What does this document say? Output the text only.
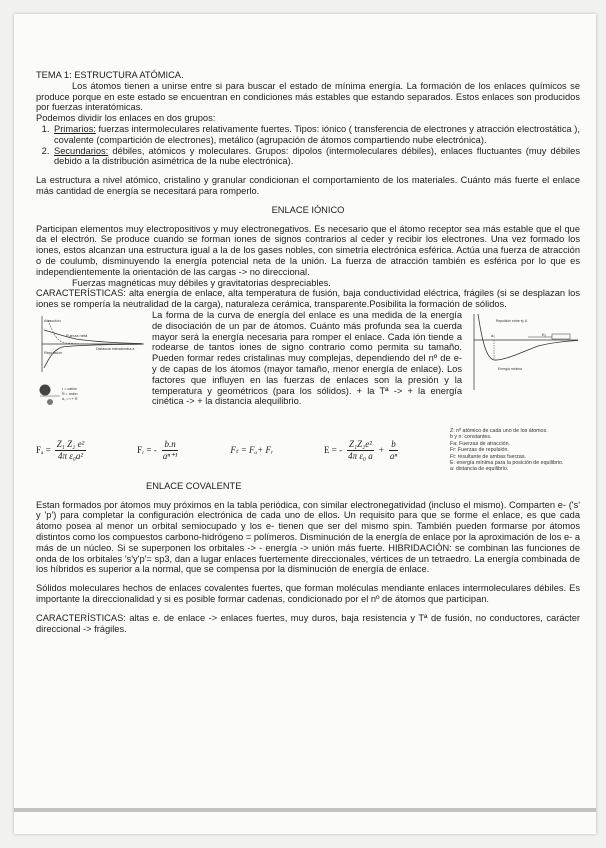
TEMA 1: ESTRUCTURA ATÓMICA.

Los átomos tienen a unirse entre si para buscar el estado de mínima energía. La formación de los enlaces químicos se produce porque en este estado se encuentran en condiciones más estables que estando separados. Estos enlaces son producidos por fuerzas interatómicas.

Podemos dividir los enlaces en dos grupos:

1. Primarios: fuerzas intermoleculares relativamente fuertes. Tipos: iónico ( transferencia de electrones y atracción electrostática ), covalente (compartición de electrones), metálico (agrupación de átomos compartiendo nube electrónica).
2. Secundarios: débiles, atómicos y moleculares. Grupos: dipolos (intermoleculares débiles), enlaces fluctuantes (muy débiles debido a la distribución asimétrica de la nube electrónica).

La estructura a nivel atómico, cristalino y granular condicionan el comportamiento de los materiales. Cuánto más fuerte el enlace más cantidad de energía se necesitará para romperlo.

ENLACE IÓNICO

Participan elementos muy electropositivos y muy electronegativos. Es necesario que el átomo receptor sea más estable que el que da el electrón. Se produce cuando se forman iones de signos contrarios al ceder y recibir los electrones. Una vez formado los iones, estos alcanzan una estructura igual a la de los gases nobles, con simetría electrónica esférica. Actúa una fuerza de atracción o de coulumb, disminuyendo la energía potencial neta de la unión. La fuerza de atracción también es esférica por lo que es independientemente la orientación de las cargas -> no direccional.

Fuerzas magnéticas muy débiles y gravitatorias despreciables.

CARACTERÍSTICAS: alta energía de enlace, alta temperatura de fusión, baja conductividad eléctrica, frágiles (si se desplazan los iones se rompería la neutralidad de la carga), naturaleza cerámica, transparente.Posibilita la formación de sólidos.

Atracción
Fuerza neta
Distancia interatómica a
Repulsión
r = catión
R = anión
a₀ = r + R

La forma de la curva de energía del enlace es una medida de la energía de disociación de un par de átomos. Cuánto más profunda sea la cuerda mayor será la energía necesaria para romper el enlace. Cada ión tiende a rodearse de tantos iones de signo contrario como permita su tamaño. Pueden formar redes cristalinas muy complejas, dependiendo del nº de e- y de capas de los átomos (mayor tamaño, menor energía de enlace). Los factores que influyen en las fuerzas de enlaces son la presión y la temperatura y geométricos (para los sólidos). + la Tª -> + la energía cinética -> + la distancia alequilibrio.

Repulsión entre ej. A
E₀
a₀
Energía mínima
$F_a = \frac{\text{Z₁ Z₂ e²}}{\text{4π ε₀a²}}$	Fᵣ = - $\frac{b.n}{\text{aⁿ⁺¹}}$	Fₜ = Fₐ+ Fᵣ	E = - $\frac{\text{Z₁Z₂e²}}{\text{4π ε₀ a}} + \frac{b}{\text{aⁿ}}$
Z: nº atómico de cada uno de los átomos.
b y n: constantes.
Fa: Fuerzas de atracción.
Fr: Fuerzas de repulsión.
Ft: resultante de ambas fuerzas.
E: energía mínima para la posición de equilibrio.
a: distancia de equilibrio.

ENLACE COVALENTE

Estan formados por átomos muy próximos en la tabla periódica, con similar electronegatividad (incluso el mismo). Comparten e- ('s' y 'p') para completar la configuración electrónica de cada uno de ellos. Un requisito para que se forme el enlace, es que cada átomo posea al menor un orbital semiocupado y los e- tienen que ser del mismo spin. También pueden formarse por átomos distintos como los compuestos carbono-hidrógeno = polímeros. Disminución de la energía de enlace por la aproximación de los e- a más de un núcleo. Si se superponen los orbitales -> - energía -> unión más fuerte. HIBRIDACIÓN: se combinan las funciones de onda de los orbitales 's'y'p'= sp3, dan a lugar enlaces fuertemente direccionales, vértices de un tetraedro. La energía combinada de los híbridos es superior a la normal, que se compensa por la disminución de energía de enlace.

Sólidos moleculares hechos de enlaces covalentes fuertes, que forman moléculas mendiante enlaces intermoleculares débiles. Es importante la direccionalidad y si es posible formar cadenas, condicionado por el nº de átomos que participan.

CARACTERÍSTICAS: altas e. de enlace -> enlaces fuertes, muy duros, baja resistencia y Tª de fusión, no conductores, carácter direccional -> frágiles.
